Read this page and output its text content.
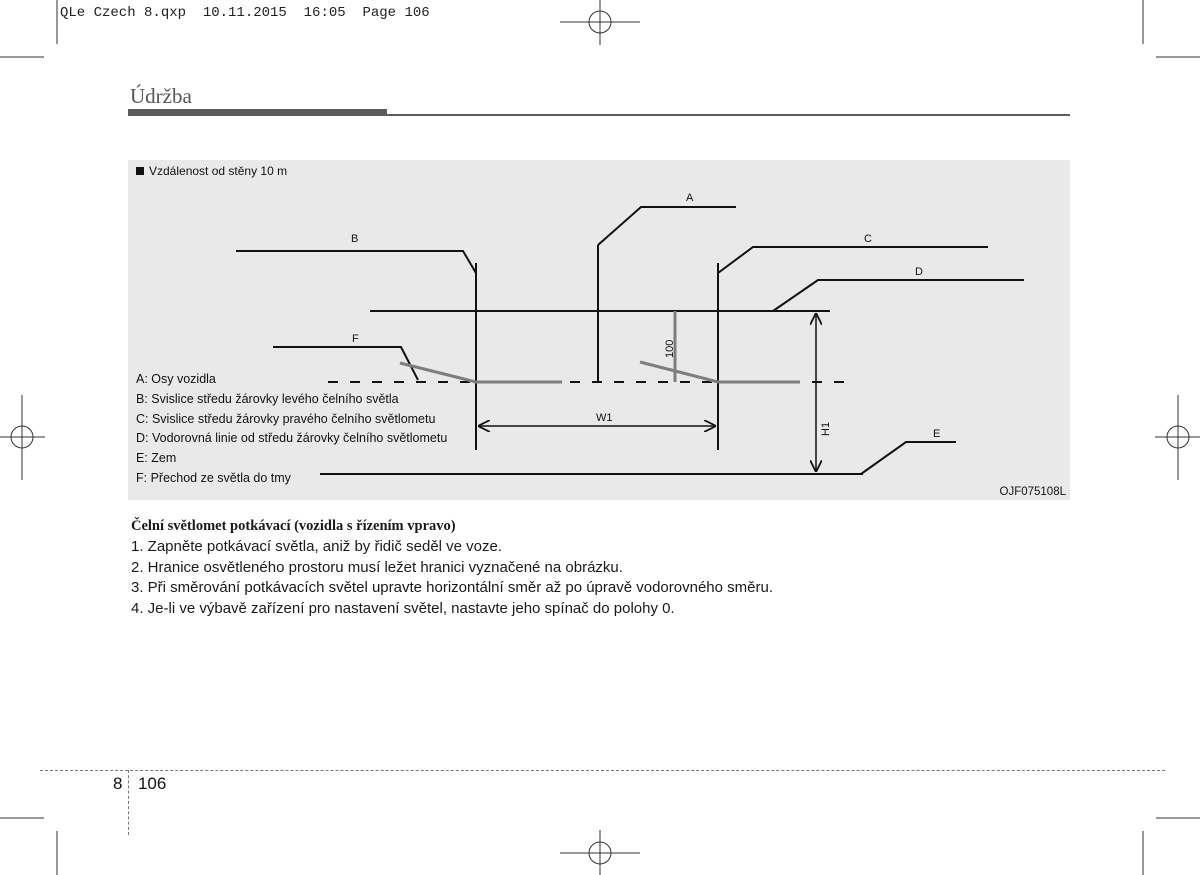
QLe Czech 8.qxp  10.11.2015  16:05  Page 106
Údržba
A
B	C
D
E
F
W1
H1
100
Vzdálenost od stěny 10 m
A: Osy vozidla
B: Svislice středu žárovky levého čelního světla
C: Svislice středu žárovky pravého čelního světlometu
D: Vodorovná linie od středu žárovky čelního světlometu
E: Zem
F: Přechod ze světla do tmy
OJF075108L
Čelní světlomet potkávací (vozidla s řízením vpravo)

1. Zapněte potkávací světla, aniž by řidič seděl ve voze.

2. Hranice osvětleného prostoru musí ležet hranici vyznačené na obrázku.

3. Při směrování potkávacích světel upravte horizontální směr až po úpravě vodorovného směru.

4. Je-li ve výbavě zařízení pro nastavení světel, nastavte jeho spínač do polohy 0.

8 106
